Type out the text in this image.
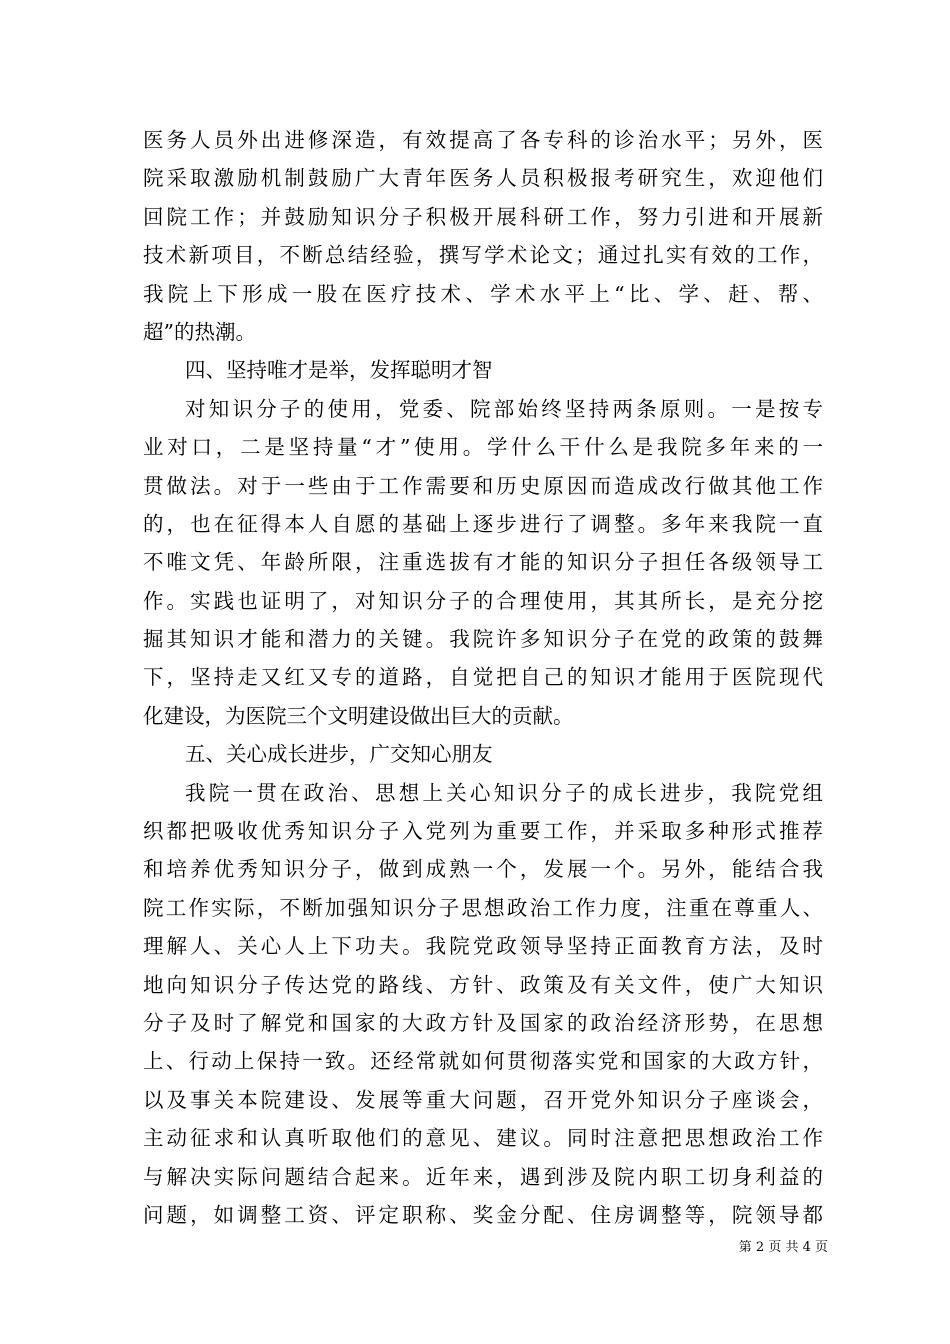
医务人员外出进修深造，有效提高了各专科的诊治水平；另外，医
院采取激励机制鼓励广大青年医务人员积极报考研究生，欢迎他们
回院工作；并鼓励知识分子积极开展科研工作，努力引进和开展新
技术新项目，不断总结经验，撰写学术论文；通过扎实有效的工作，
我院上下形成一股在医疗技术、学术水平上“比、学、赶、帮、
超”的热潮。
四、坚持唯才是举，发挥聪明才智
对知识分子的使用，党委、院部始终坚持两条原则。一是按专
业对口，二是坚持量“才”使用。学什么干什么是我院多年来的一
贯做法。对于一些由于工作需要和历史原因而造成改行做其他工作
的，也在征得本人自愿的基础上逐步进行了调整。多年来我院一直
不唯文凭、年龄所限，注重选拔有才能的知识分子担任各级领导工
作。实践也证明了，对知识分子的合理使用，其其所长，是充分挖
掘其知识才能和潜力的关键。我院许多知识分子在党的政策的鼓舞
下，坚持走又红又专的道路，自觉把自己的知识才能用于医院现代
化建设，为医院三个文明建设做出巨大的贡献。
五、关心成长进步，广交知心朋友
我院一贯在政治、思想上关心知识分子的成长进步，我院党组
织都把吸收优秀知识分子入党列为重要工作，并采取多种形式推荐
和培养优秀知识分子，做到成熟一个，发展一个。另外，能结合我
院工作实际，不断加强知识分子思想政治工作力度，注重在尊重人、
理解人、关心人上下功夫。我院党政领导坚持正面教育方法，及时
地向知识分子传达党的路线、方针、政策及有关文件，使广大知识
分子及时了解党和国家的大政方针及国家的政治经济形势，在思想
上、行动上保持一致。还经常就如何贯彻落实党和国家的大政方针，
以及事关本院建设、发展等重大问题，召开党外知识分子座谈会，
主动征求和认真听取他们的意见、建议。同时注意把思想政治工作
与解决实际问题结合起来。近年来，遇到涉及院内职工切身利益的
问题，如调整工资、评定职称、奖金分配、住房调整等，院领导都
第 2 页 共 4 页
